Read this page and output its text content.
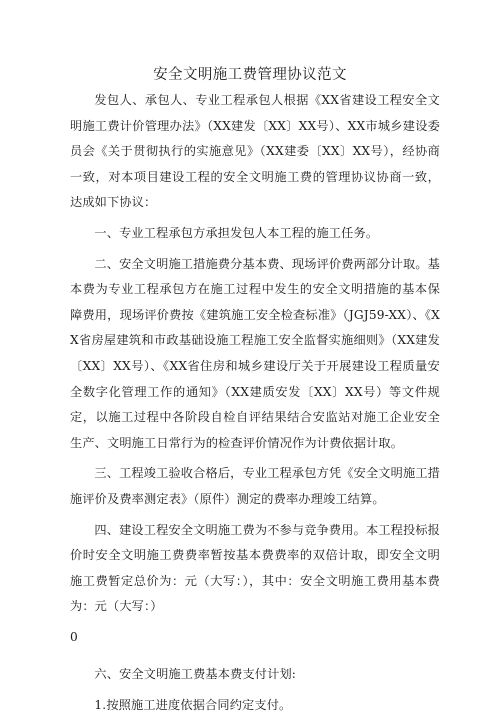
安全文明施工费管理协议范文

发包人、承包人、专业工程承包人根据《XX省建设工程安全文明施工费计价管理办法》（XX建发〔XX〕XX号）、XX市城乡建设委员会《关于贯彻执行的实施意见》（XX建委〔XX〕XX号），经协商一致，对本项目建设工程的安全文明施工费的管理协议协商一致，达成如下协议：

一、专业工程承包方承担发包人本工程的施工任务。

二、安全文明施工措施费分基本费、现场评价费两部分计取。基本费为专业工程承包方在施工过程中发生的安全文明措施的基本保障费用，现场评价费按《建筑施工安全检查标准》（JGJ59-XX）、《XX省房屋建筑和市政基础设施工程施工安全监督实施细则》（XX建发〔XX〕XX号）、《XX省住房和城乡建设厅关于开展建设工程质量安全数字化管理工作的通知》（XX建质安发〔XX〕XX号）等文件规定，以施工过程中各阶段自检自评结果结合安监站对施工企业安全生产、文明施工日常行为的检查评价情况作为计费依据计取。

三、工程竣工验收合格后，专业工程承包方凭《安全文明施工措施评价及费率测定表》（原件）测定的费率办理竣工结算。

四、建设工程安全文明施工费为不参与竞争费用。本工程投标报价时安全文明施工费费率暂按基本费费率的双倍计取，即安全文明施工费暂定总价为：元（大写：），其中：安全文明施工费用基本费为：元（大写：）

0

六、安全文明施工费基本费支付计划:

1.按照施工进度依据合同约定支付。
